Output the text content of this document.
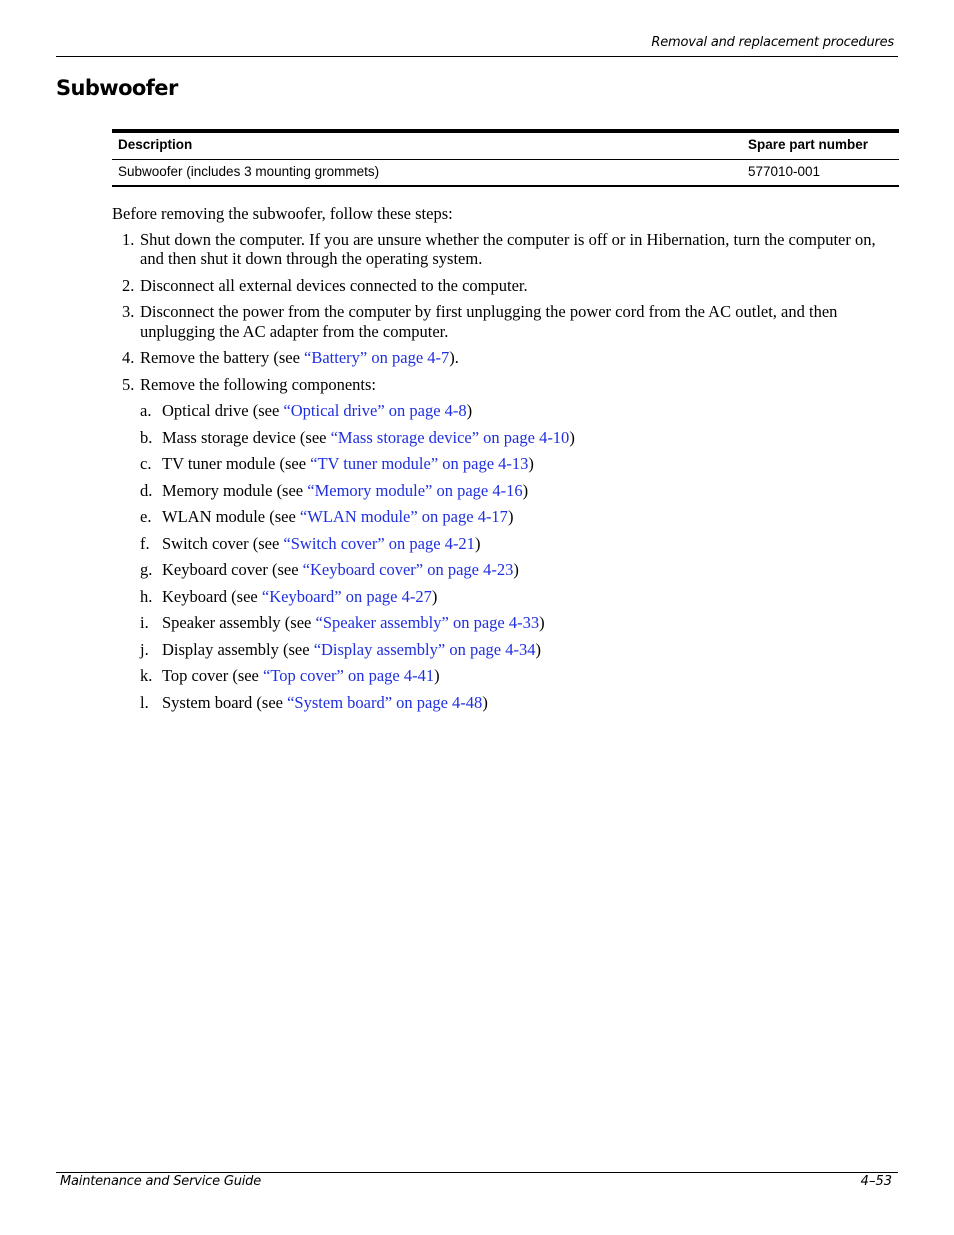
Removal and replacement procedures
Subwoofer
Description	Spare part number
Subwoofer (includes 3 mounting grommets)	577010-001

Before removing the subwoofer, follow these steps:

1. Shut down the computer. If you are unsure whether the computer is off or in Hibernation, turn the computer on, and then shut it down through the operating system.
2. Disconnect all external devices connected to the computer.
3. Disconnect the power from the computer by first unplugging the power cord from the AC outlet, and then unplugging the AC adapter from the computer.
4. Remove the battery (see “Battery” on page 4-7).
5. Remove the following components:
a. Optical drive (see “Optical drive” on page 4-8)
b. Mass storage device (see “Mass storage device” on page 4-10)
c. TV tuner module (see “TV tuner module” on page 4-13)
d. Memory module (see “Memory module” on page 4-16)
e. WLAN module (see “WLAN module” on page 4-17)
f. Switch cover (see “Switch cover” on page 4-21)
g. Keyboard cover (see “Keyboard cover” on page 4-23)
h. Keyboard (see “Keyboard” on page 4-27)
i. Speaker assembly (see “Speaker assembly” on page 4-33)
j. Display assembly (see “Display assembly” on page 4-34)
k. Top cover (see “Top cover” on page 4-41)
l. System board (see “System board” on page 4-48)
Maintenance and Service Guide	4–53
